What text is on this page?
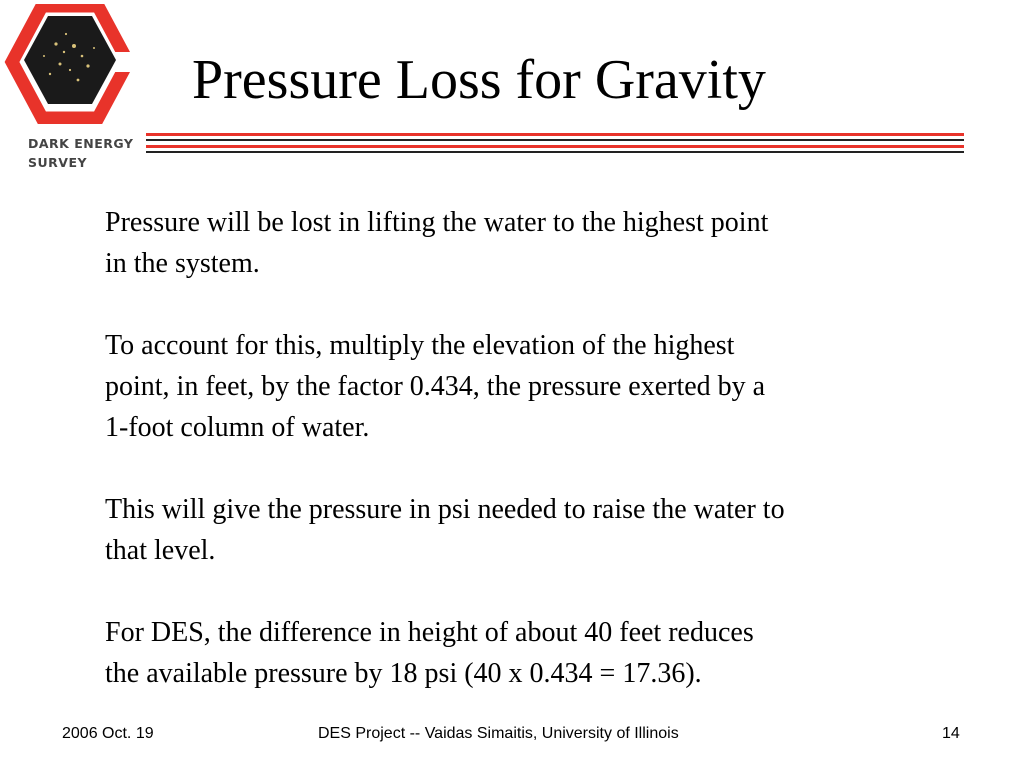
DARK ENERGY
SURVEY
Pressure Loss for Gravity

Pressure will be lost in lifting the water to the highest point
in the system.

To account for this, multiply the elevation of the highest
point, in feet, by the factor 0.434, the pressure exerted by a
1-foot column of water.

This will give the pressure in psi needed to raise the water to
that level.

For DES, the difference in height of about 40 feet reduces
the available pressure by 18 psi (40 x 0.434 = 17.36).

2006 Oct. 19	DES Project -- Vaidas Simaitis, University of Illinois	14
